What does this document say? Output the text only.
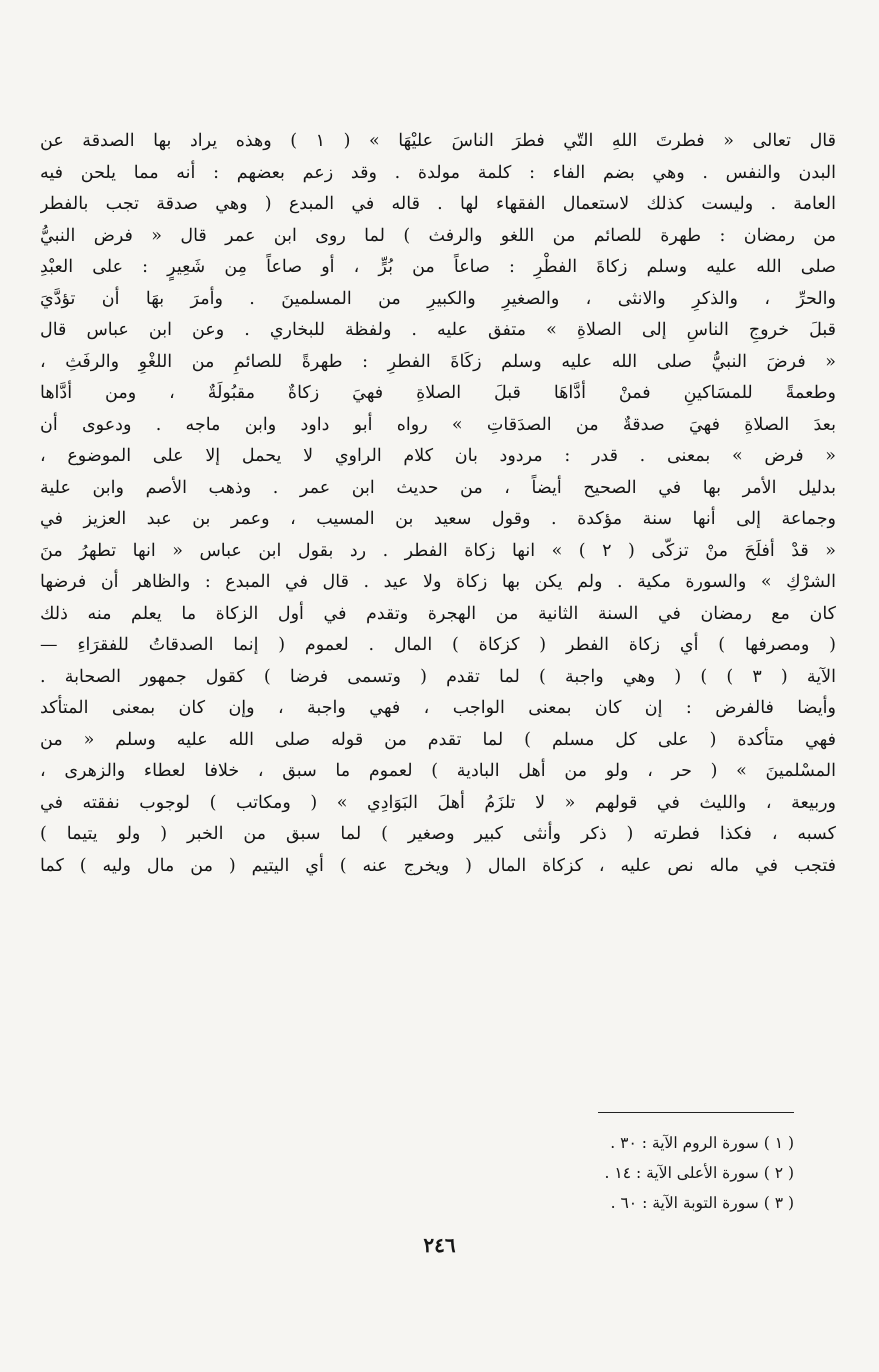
قال تعالى « فطرتَ اللهِ التّي فطرَ الناسَ عليْهَا » ( ١ ) وهذه يراد بها الصدقة عن
البدن والنفس . وهي بضم الفاء : كلمة مولدة . وقد زعم بعضهم : أنه مما يلحن فيه
العامة . وليست كذلك لاستعمال الفقهاء لها . قاله في المبدع ( وهي صدقة تجب بالفطر
من رمضان : طهرة للصائم من اللغو والرفث ) لما روى ابن عمر قال « فرض النبيُّ
صلى الله عليه وسلم زكاةَ الفطْرِ : صاعاً من بُرٍّ ، أو صاعاً مِن شَعِيرٍ : على العبْدِ
والحرِّ ، والذكرِ والانثى ، والصغيرِ والكبيرِ من المسلمينَ . وأمرَ بهَا أن تؤدَّيَ
قبلَ خروجِ الناسِ إلى الصلاةِ » متفق عليه . ولفظة للبخاري . وعن ابن عباس قال
« فرضَ النبيُّ صلى الله عليه وسلم زكَاةَ الفطرِ : طهرةً للصائمِ من اللغْوِ والرفَثِ ،
وطعمةً للمسَاكينِ فمنْ أدَّاهَا قبلَ الصلاةِ فهيَ زكاةٌ مقبُولَةٌ ، ومن أدَّاها
بعدَ الصلاةِ فهيَ صدقةٌ من الصدَقاتِ » رواه أبو داود وابن ماجه . ودعوى أن
« فرض » بمعنى . قدر : مردود بان كلام الراوي لا يحمل إلا على الموضوع ،
بدليل الأمر بها في الصحيح أيضاً ، من حديث ابن عمر . وذهب الأصم وابن علية
وجماعة إلى أنها سنة مؤكدة . وقول سعيد بن المسيب ، وعمر بن عبد العزيز في
« قدْ أفلَحَ منْ تزكّى ( ٢ ) » انها زكاة الفطر . رد بقول ابن عباس « انها تطهرُ منَ
الشرْكِ » والسورة مكية . ولم يكن بها زكاة ولا عيد . قال في المبدع : والظاهر أن فرضها
كان مع رمضان في السنة الثانية من الهجرة وتقدم في أول الزكاة ما يعلم منه ذلك
( ومصرفها ) أي زكاة الفطر ( كزكاة ) المال . لعموم ( إنما الصدقاتُ للفقرَاءِ —
الآية ( ٣ ) ) ( وهي واجبة ) لما تقدم ( وتسمى فرضا ) كقول جمهور الصحابة .
وأيضا فالفرض : إن كان بمعنى الواجب ، فهي واجبة ، وإن كان بمعنى المتأكد
فهي متأكدة ( على كل مسلم ) لما تقدم من قوله صلى الله عليه وسلم « من
المسْلمينَ » ( حر ، ولو من أهل البادية ) لعموم ما سبق ، خلافا لعطاء والزهرى ،
وربيعة ، والليث في قولهم « لا تلزَمُ أهلَ البَوَادِي » ( ومكاتب ) لوجوب نفقته في
كسبه ، فكذا فطرته ( ذكر وأنثى كبير وصغير ) لما سبق من الخبر ( ولو يتيما )
فتجب في ماله نص عليه ، كزكاة المال ( ويخرج عنه ) أي اليتيم ( من مال وليه ) كما
( ١ ) سورة الروم الآية : ٣٠ .
( ٢ ) سورة الأعلى الآية : ١٤ .
( ٣ ) سورة التوبة الآية : ٦٠ .
٢٤٦
